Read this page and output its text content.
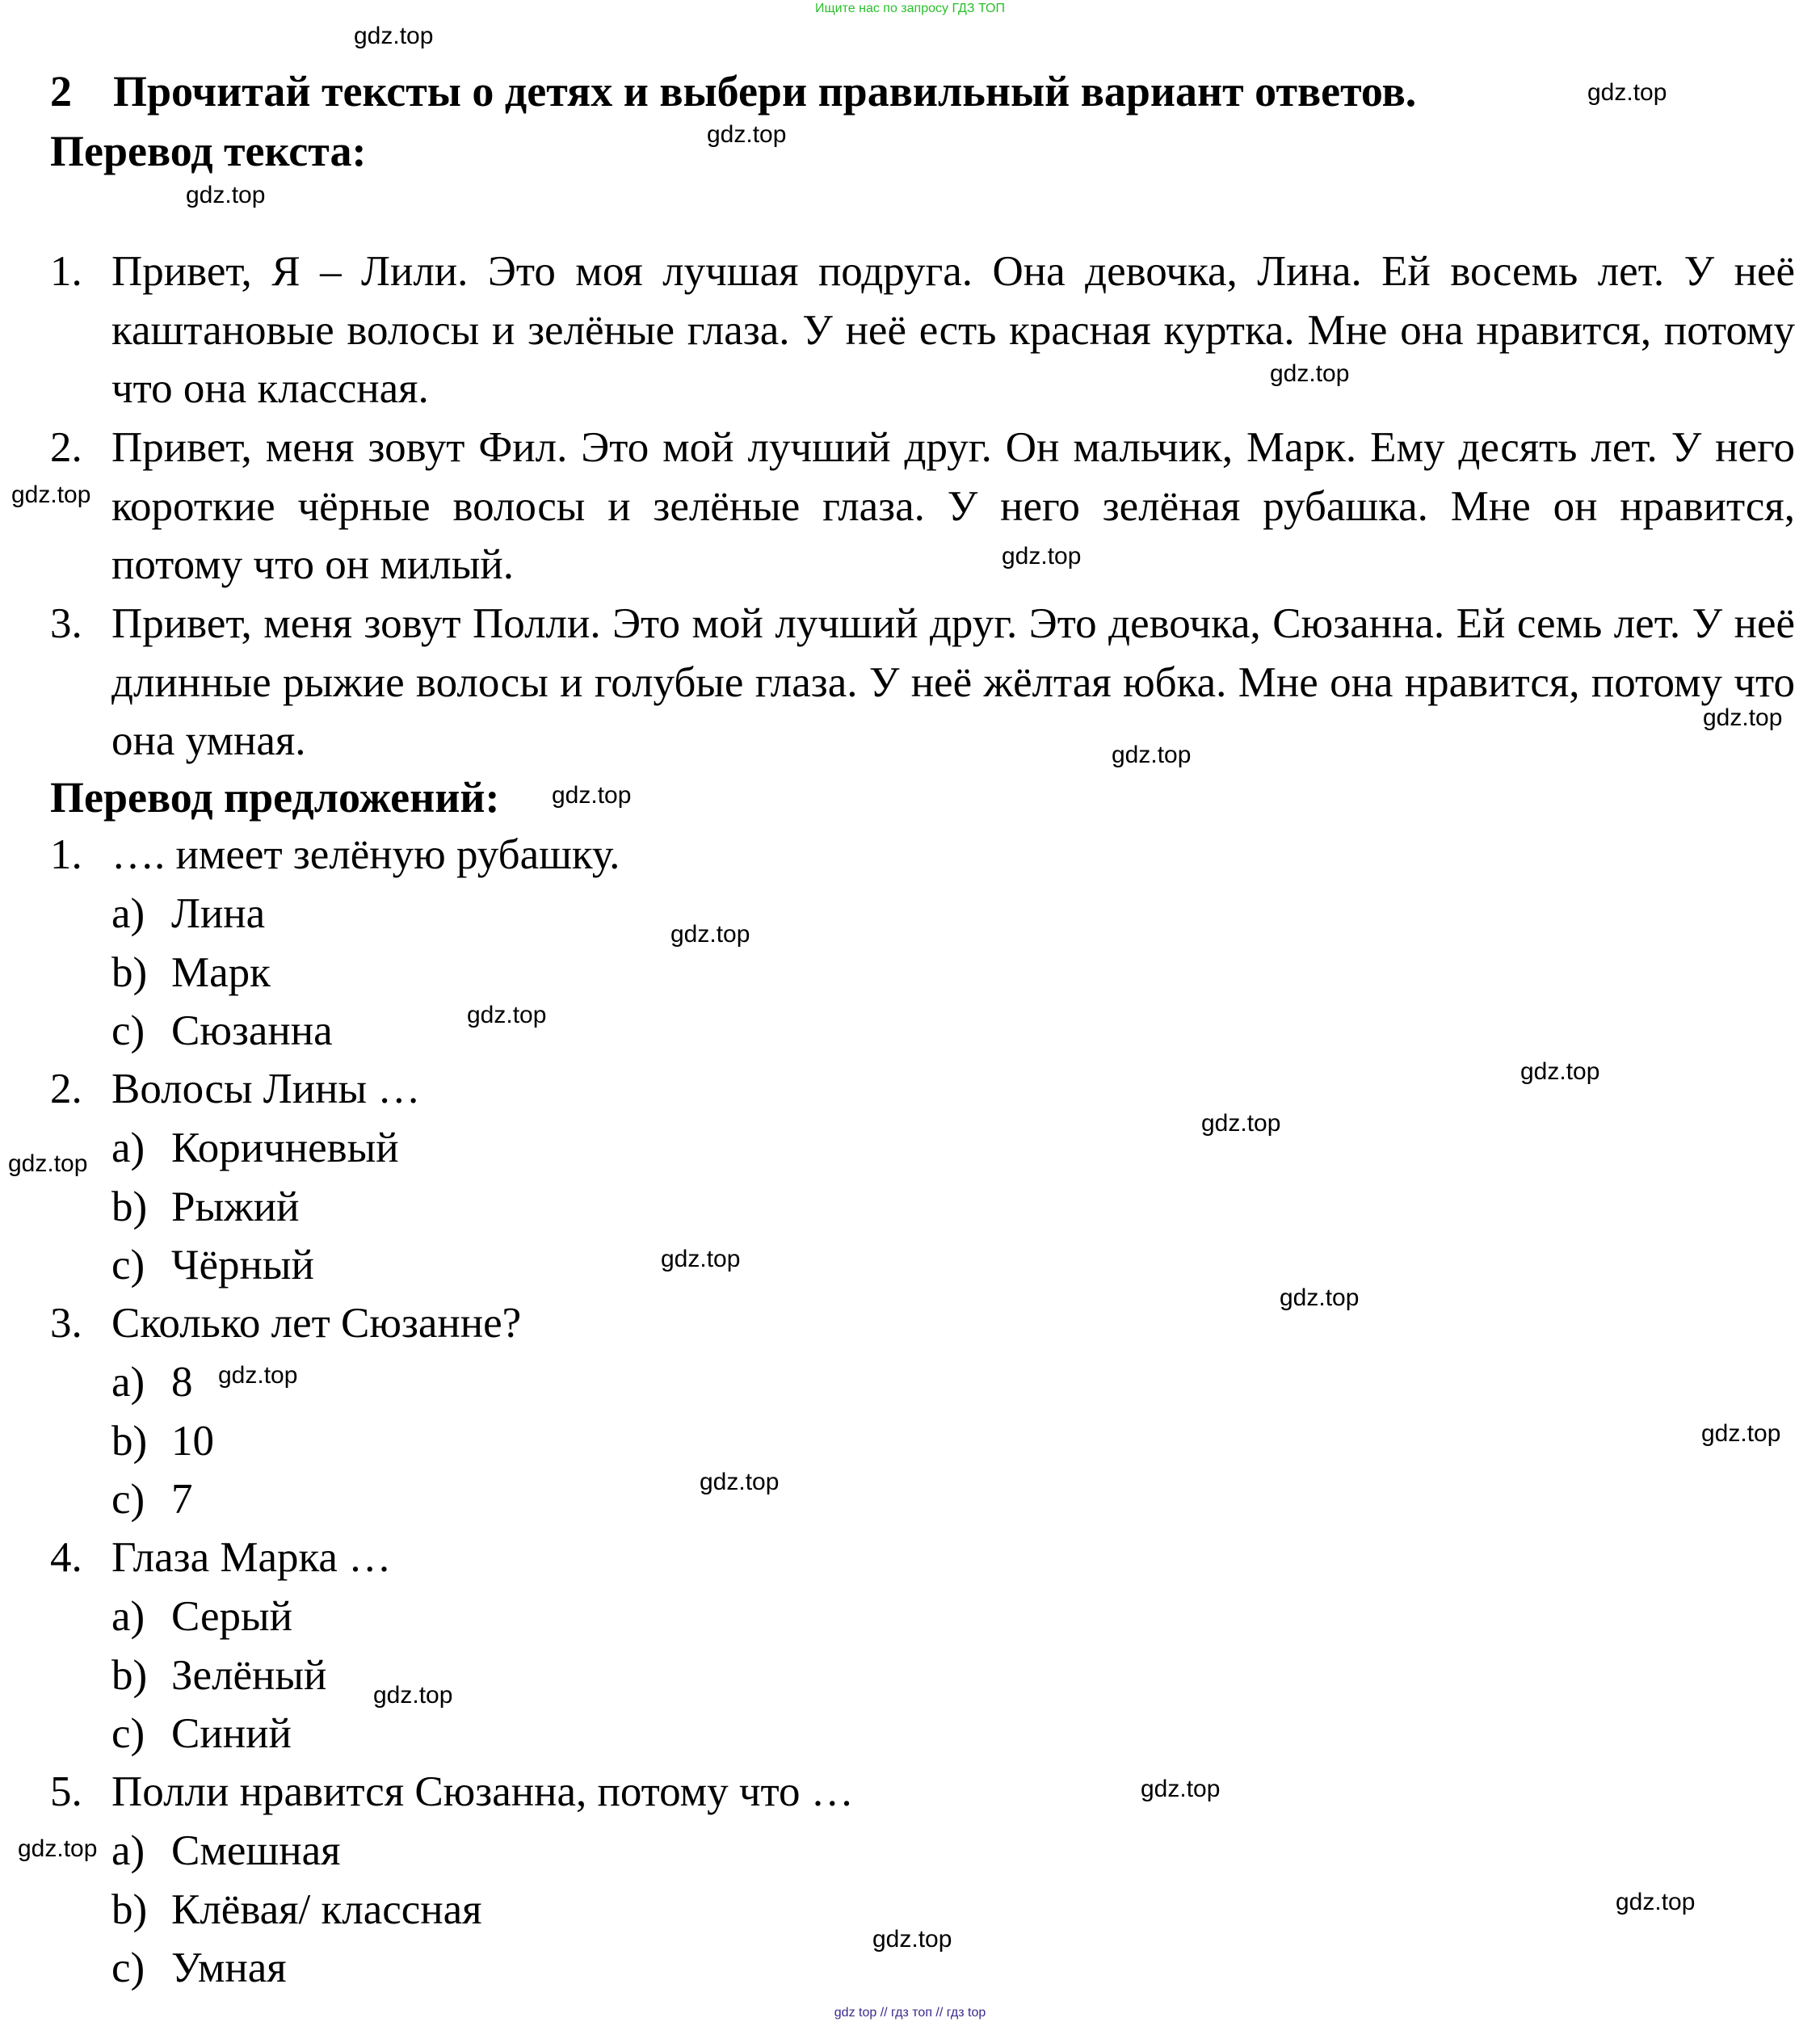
Ищите нас по запросу ГДЗ ТОП
2 Прочитай тексты о детях и выбери правильный вариант ответов.
Перевод текста:
1. Привет, Я – Лили. Это моя лучшая подруга. Она девочка, Лина. Ей восемь лет. У неё каштановые волосы и зелёные глаза. У неё есть красная куртка. Мне она нравится, потому что она классная.
2. Привет, меня зовут Фил. Это мой лучший друг. Он мальчик, Марк. Ему десять лет. У него короткие чёрные волосы и зелёные глаза. У него зелёная рубашка. Мне он нравится, потому что он милый.
3. Привет, меня зовут Полли. Это мой лучший друг. Это девочка, Сюзанна. Ей семь лет. У неё длинные рыжие волосы и голубые глаза. У неё жёлтая юбка. Мне она нравится, потому что она умная.
Перевод предложений:
1. …. имеет зелёную рубашку.
a) Лина
b) Марк
c) Сюзанна
2. Волосы Лины …
a) Коричневый
b) Рыжий
c) Чёрный
3. Сколько лет Сюзанне?
a) 8
b) 10
c) 7
4. Глаза Марка …
a) Серый
b) Зелёный
c) Синий
5. Полли нравится Сюзанна, потому что …
a) Смешная
b) Клёвая/ классная
c) Умная
gdz.top
gdz.top
gdz.top
gdz.top
gdz.top
gdz.top
gdz.top
gdz.top
gdz.top
gdz.top
gdz.top
gdz.top
gdz.top
gdz.top
gdz.top
gdz.top
gdz.top
gdz.top
gdz.top
gdz.top
gdz.top
gdz.top
gdz.top
gdz.top
gdz.top
gdz top // гдз топ // гдз top
